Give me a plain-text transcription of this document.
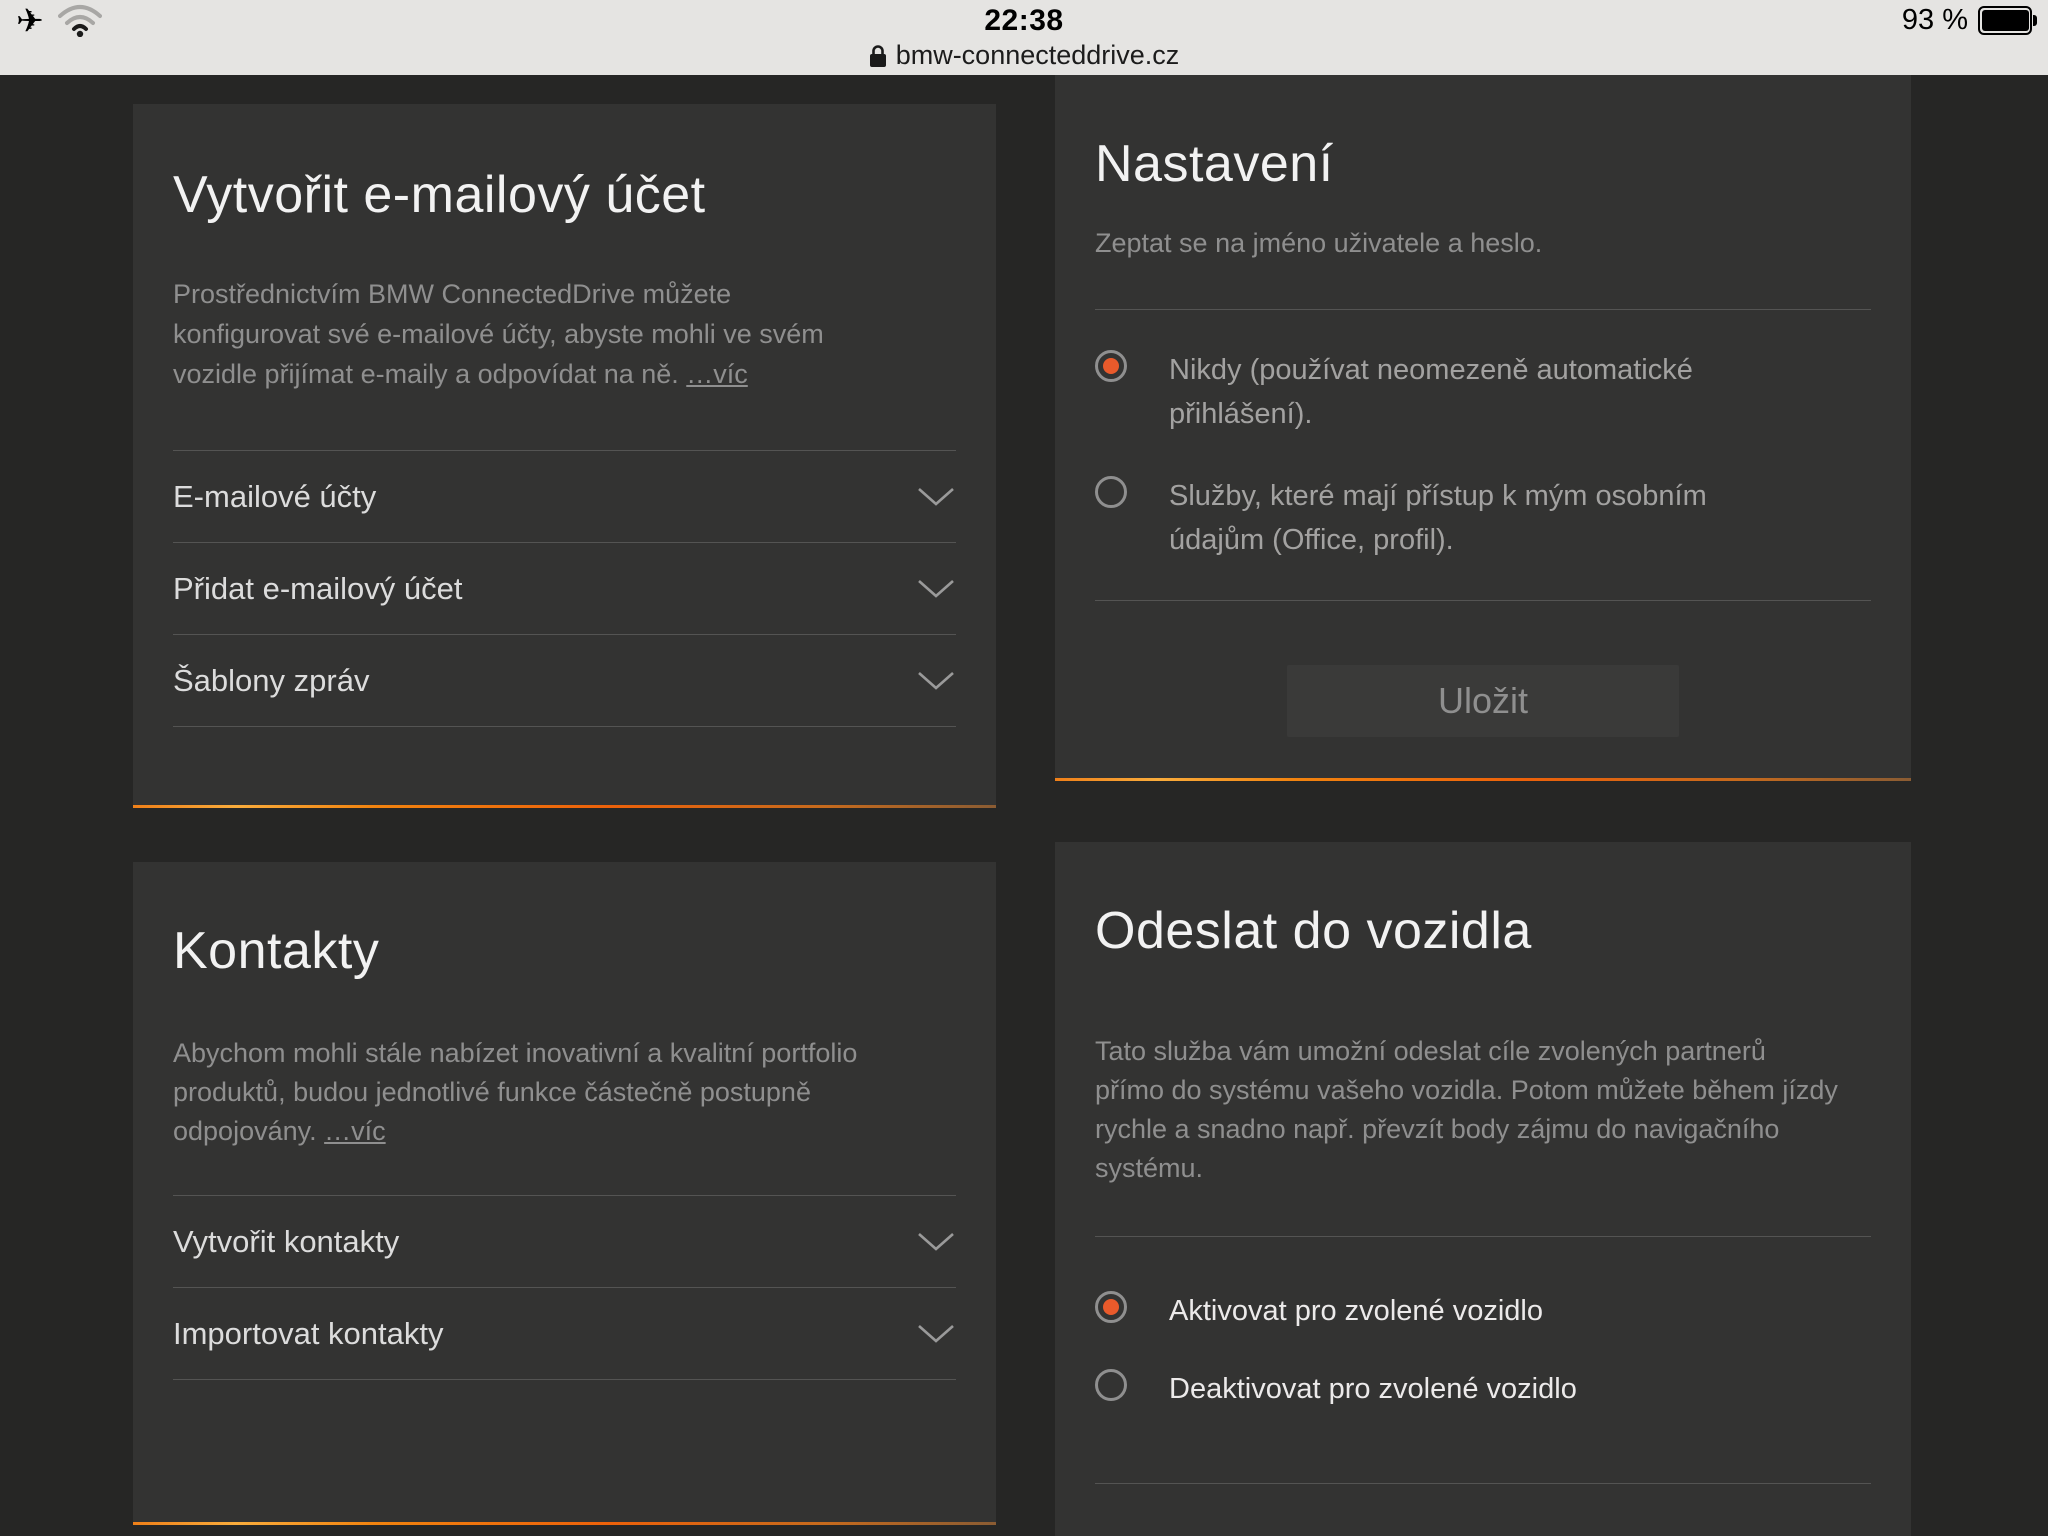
✈	22:38	93 %
bmw-connecteddrive.cz
Vytvořit e-mailový účet

Prostřednictvím BMW ConnectedDrive můžete konfigurovat své e-mailové účty, abyste mohli ve svém vozidle přijímat e-maily a odpovídat na ně. …víc

E-mailové účty
Přidat e-mailový účet
Šablony zpráv
Nastavení

Zeptat se na jméno uživatele a heslo.

Nikdy (používat neomezeně automatické přihlášení).
Služby, které mají přístup k mým osobním údajům (Office, profil).
Uložit
Kontakty

Abychom mohli stále nabízet inovativní a kvalitní portfolio produktů, budou jednotlivé funkce částečně postupně odpojovány. …víc

Vytvořit kontakty
Importovat kontakty
Odeslat do vozidla

Tato služba vám umožní odeslat cíle zvolených partnerů přímo do systému vašeho vozidla. Potom můžete během jízdy rychle a snadno např. převzít body zájmu do navigačního systému.

Aktivovat pro zvolené vozidlo
Deaktivovat pro zvolené vozidlo
